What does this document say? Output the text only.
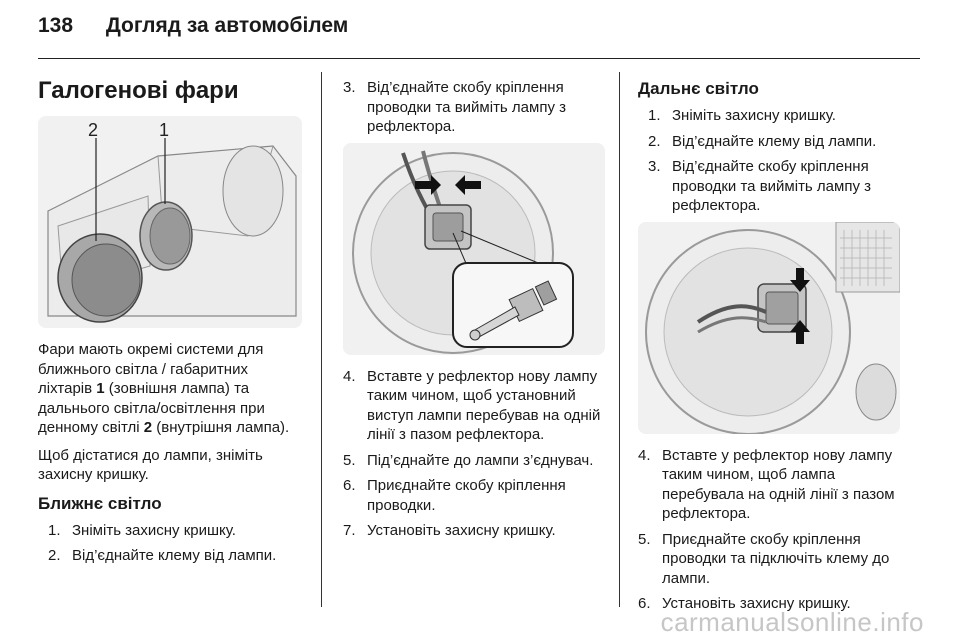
138 Догляд за автомобілем
Галогенові фари
2	1

Фари мають окремі системи для ближнього світла / габаритних ліхтарів 1 (зовнішня лампа) та дальнього світла/освітлення при денному світлі 2 (внутрішня лампа).

Щоб дістатися до лампи, зніміть захисну кришку.

Ближнє світло
1. Зніміть захисну кришку.
2. Від’єднайте клему від лампи.
3. Від’єднайте скобу кріплення проводки та вийміть лампу з рефлектора.
4. Вставте у рефлектор нову лампу таким чином, щоб установний виступ лампи перебував на одній лінії з пазом рефлектора.
5. Під’єднайте до лампи з’єднувач.
6. Приєднайте скобу кріплення проводки.
7. Установіть захисну кришку.
Дальнє світло
1. Зніміть захисну кришку.
2. Від’єднайте клему від лампи.
3. Від’єднайте скобу кріплення проводки та вийміть лампу з рефлектора.
4. Вставте у рефлектор нову лампу таким чином, щоб лампа перебувала на одній лінії з пазом рефлектора.
5. Приєднайте скобу кріплення проводки та підключіть клему до лампи.
6. Установіть захисну кришку.
carmanualsonline.info
